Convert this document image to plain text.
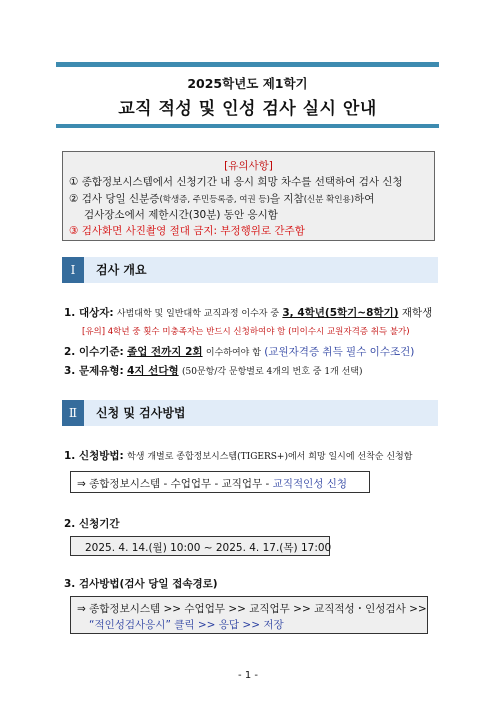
2025학년도 제1학기
교직 적성 및 인성 검사 실시 안내
[유의사항]
① 종합정보시스템에서 신청기간 내 응시 희망 차수를 선택하여 검사 신청
② 검사 당일 신분증(학생증, 주민등록증, 여권 등)을 지참(신분 확인용)하여
검사장소에서 제한시간(30분) 동안 응시함
③ 검사화면 사진촬영 절대 금지: 부정행위로 간주함
Ⅰ	검사 개요
1. 대상자: 사범대학 및 일반대학 교직과정 이수자 중 3, 4학년(5학기~8학기) 재학생
[유의] 4학년 중 횟수 미충족자는 반드시 신청하여야 함 (미이수시 교원자격증 취득 불가)
2. 이수기준: 졸업 전까지 2회 이수하여야 함 (교원자격증 취득 필수 이수조건)
3. 문제유형: 4지 선다형 (50문항/각 문항별로 4개의 번호 중 1개 선택)
Ⅱ	신청 및 검사방법
1. 신청방법: 학생 개별로 종합정보시스템(TIGERS+)에서 희망 일시에 선착순 신청함
⇒ 종합정보시스템 - 수업업무 - 교직업무 - 교직적인성 신청
2. 신청기간
2025. 4. 14.(월) 10:00 ~ 2025. 4. 17.(목) 17:00
3. 검사방법(검사 당일 접속경로)
⇒ 종합정보시스템 >> 수업업무 >> 교직업무 >> 교직적성・인성검사 >>
“적인성검사응시” 클릭 >> 응답 >> 저장
- 1 -
